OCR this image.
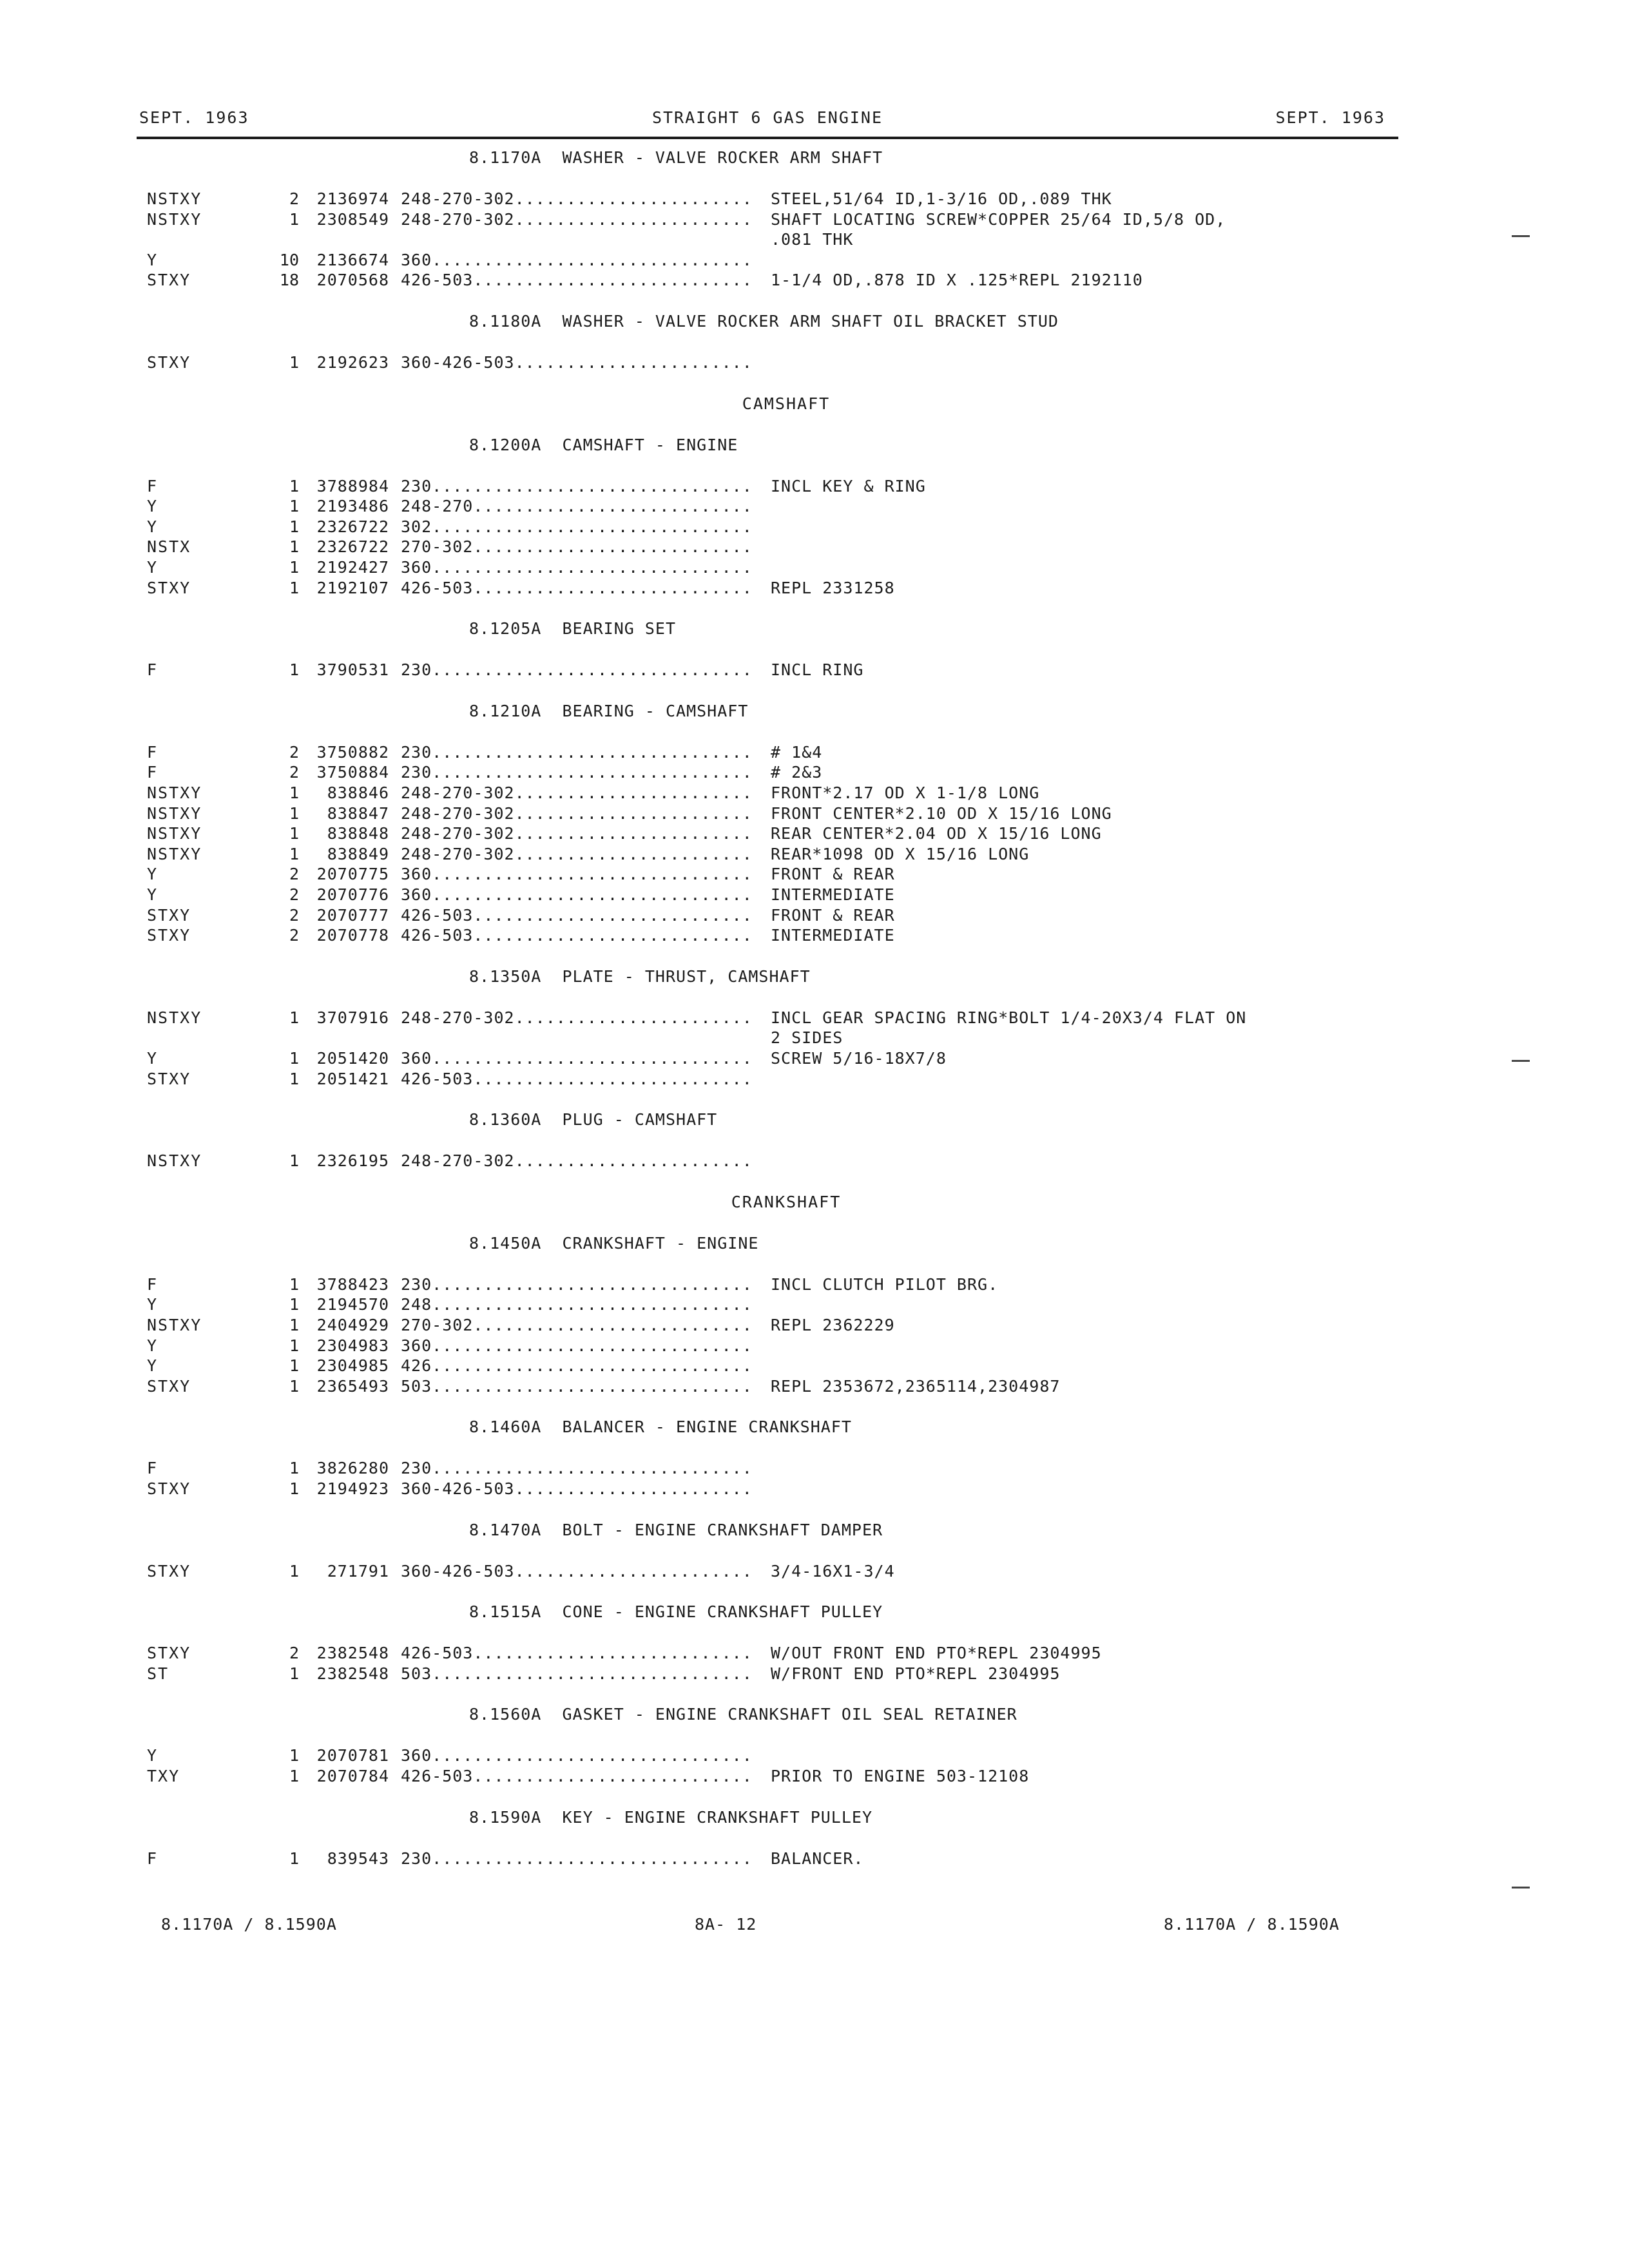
SEPT. 1963	STRAIGHT 6 GAS ENGINE	SEPT. 1963
8.1170A  WASHER - VALVE ROCKER ARM SHAFT
NSTXY	2	2136974 248-270-302....................... STEEL,51/64 ID,1-3/16 OD,.089 THK
NSTXY	1	2308549 248-270-302....................... SHAFT LOCATING SCREW*COPPER 25/64 ID,5/8 OD,
.081 THK
Y	10	2136674 360...............................
STXY	18	2070568 426-503........................... 1-1/4 OD,.878 ID X .125*REPL 2192110
8.1180A  WASHER - VALVE ROCKER ARM SHAFT OIL BRACKET STUD
STXY	1	2192623 360-426-503.......................
CAMSHAFT
8.1200A  CAMSHAFT - ENGINE
F	1	3788984 230............................... INCL KEY & RING
Y	1	2193486 248-270...........................
Y	1	2326722 302...............................
NSTX	1	2326722 270-302...........................
Y	1	2192427 360...............................
STXY	1	2192107 426-503........................... REPL 2331258
8.1205A  BEARING SET
F	1	3790531 230............................... INCL RING
8.1210A  BEARING - CAMSHAFT
F	2	3750882 230............................... # 1&4
F	2	3750884 230............................... # 2&3
NSTXY	1	838846 248-270-302....................... FRONT*2.17 OD X 1-1/8 LONG
NSTXY	1	838847 248-270-302....................... FRONT CENTER*2.10 OD X 15/16 LONG
NSTXY	1	838848 248-270-302....................... REAR CENTER*2.04 OD X 15/16 LONG
NSTXY	1	838849 248-270-302....................... REAR*1098 OD X 15/16 LONG
Y	2	2070775 360............................... FRONT & REAR
Y	2	2070776 360............................... INTERMEDIATE
STXY	2	2070777 426-503........................... FRONT & REAR
STXY	2	2070778 426-503........................... INTERMEDIATE
8.1350A  PLATE - THRUST, CAMSHAFT
NSTXY	1	3707916 248-270-302....................... INCL GEAR SPACING RING*BOLT 1/4-20X3/4 FLAT ON
2 SIDES
Y	1	2051420 360............................... SCREW 5/16-18X7/8
STXY	1	2051421 426-503...........................
8.1360A  PLUG - CAMSHAFT
NSTXY	1	2326195 248-270-302.......................
CRANKSHAFT
8.1450A  CRANKSHAFT - ENGINE
F	1	3788423 230............................... INCL CLUTCH PILOT BRG.
Y	1	2194570 248...............................
NSTXY	1	2404929 270-302........................... REPL 2362229
Y	1	2304983 360...............................
Y	1	2304985 426...............................
STXY	1	2365493 503............................... REPL 2353672,2365114,2304987
8.1460A  BALANCER - ENGINE CRANKSHAFT
F	1	3826280 230...............................
STXY	1	2194923 360-426-503.......................
8.1470A  BOLT - ENGINE CRANKSHAFT DAMPER
STXY	1	271791 360-426-503....................... 3/4-16X1-3/4
8.1515A  CONE - ENGINE CRANKSHAFT PULLEY
STXY	2	2382548 426-503........................... W/OUT FRONT END PTO*REPL 2304995
ST	1	2382548 503............................... W/FRONT END PTO*REPL 2304995
8.1560A  GASKET - ENGINE CRANKSHAFT OIL SEAL RETAINER
Y	1	2070781 360...............................
TXY	1	2070784 426-503........................... PRIOR TO ENGINE 503-12108
8.1590A  KEY - ENGINE CRANKSHAFT PULLEY
F	1	839543 230............................... BALANCER.
8.1170A / 8.1590A	8A- 12	8.1170A / 8.1590A
